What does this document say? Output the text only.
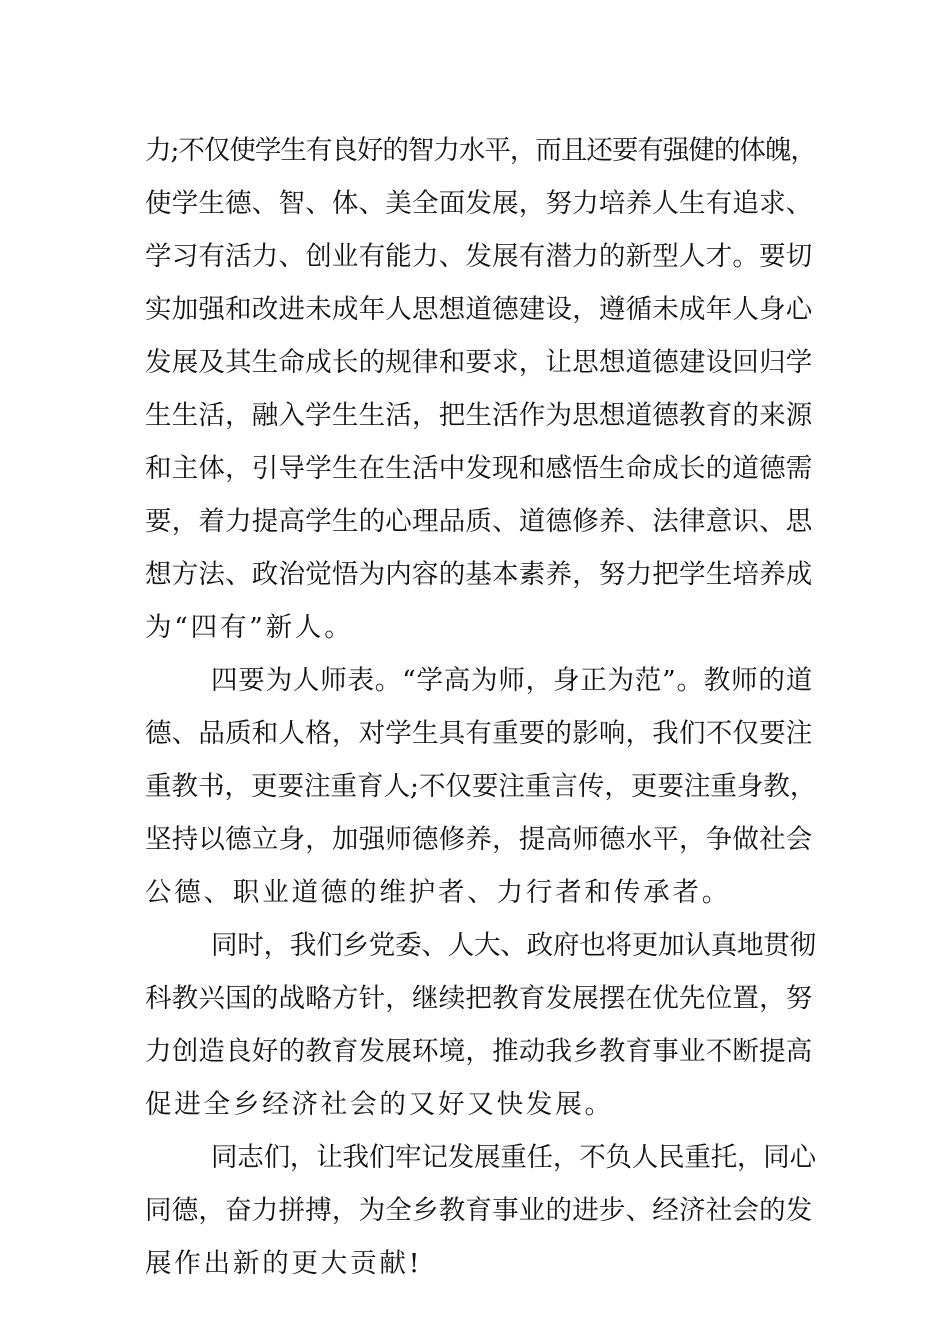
力;不仅使学生有良好的智力水平，而且还要有强健的体魄，
使学生德、智、体、美全面发展，努力培养人生有追求、
学习有活力、创业有能力、发展有潜力的新型人才。要切
实加强和改进未成年人思想道德建设，遵循未成年人身心
发展及其生命成长的规律和要求，让思想道德建设回归学
生生活，融入学生生活，把生活作为思想道德教育的来源
和主体，引导学生在生活中发现和感悟生命成长的道德需
要，着力提高学生的心理品质、道德修养、法律意识、思
想方法、政治觉悟为内容的基本素养，努力把学生培养成
为“四有”新人。
四要为人师表。“学高为师，身正为范”。教师的道
德、品质和人格，对学生具有重要的影响，我们不仅要注
重教书，更要注重育人;不仅要注重言传，更要注重身教，
坚持以德立身，加强师德修养，提高师德水平，争做社会
公德、职业道德的维护者、力行者和传承者。
同时，我们乡党委、人大、政府也将更加认真地贯彻
科教兴国的战略方针，继续把教育发展摆在优先位置，努
力创造良好的教育发展环境，推动我乡教育事业不断提高
促进全乡经济社会的又好又快发展。
同志们，让我们牢记发展重任，不负人民重托，同心
同德，奋力拼搏，为全乡教育事业的进步、经济社会的发
展作出新的更大贡献!
